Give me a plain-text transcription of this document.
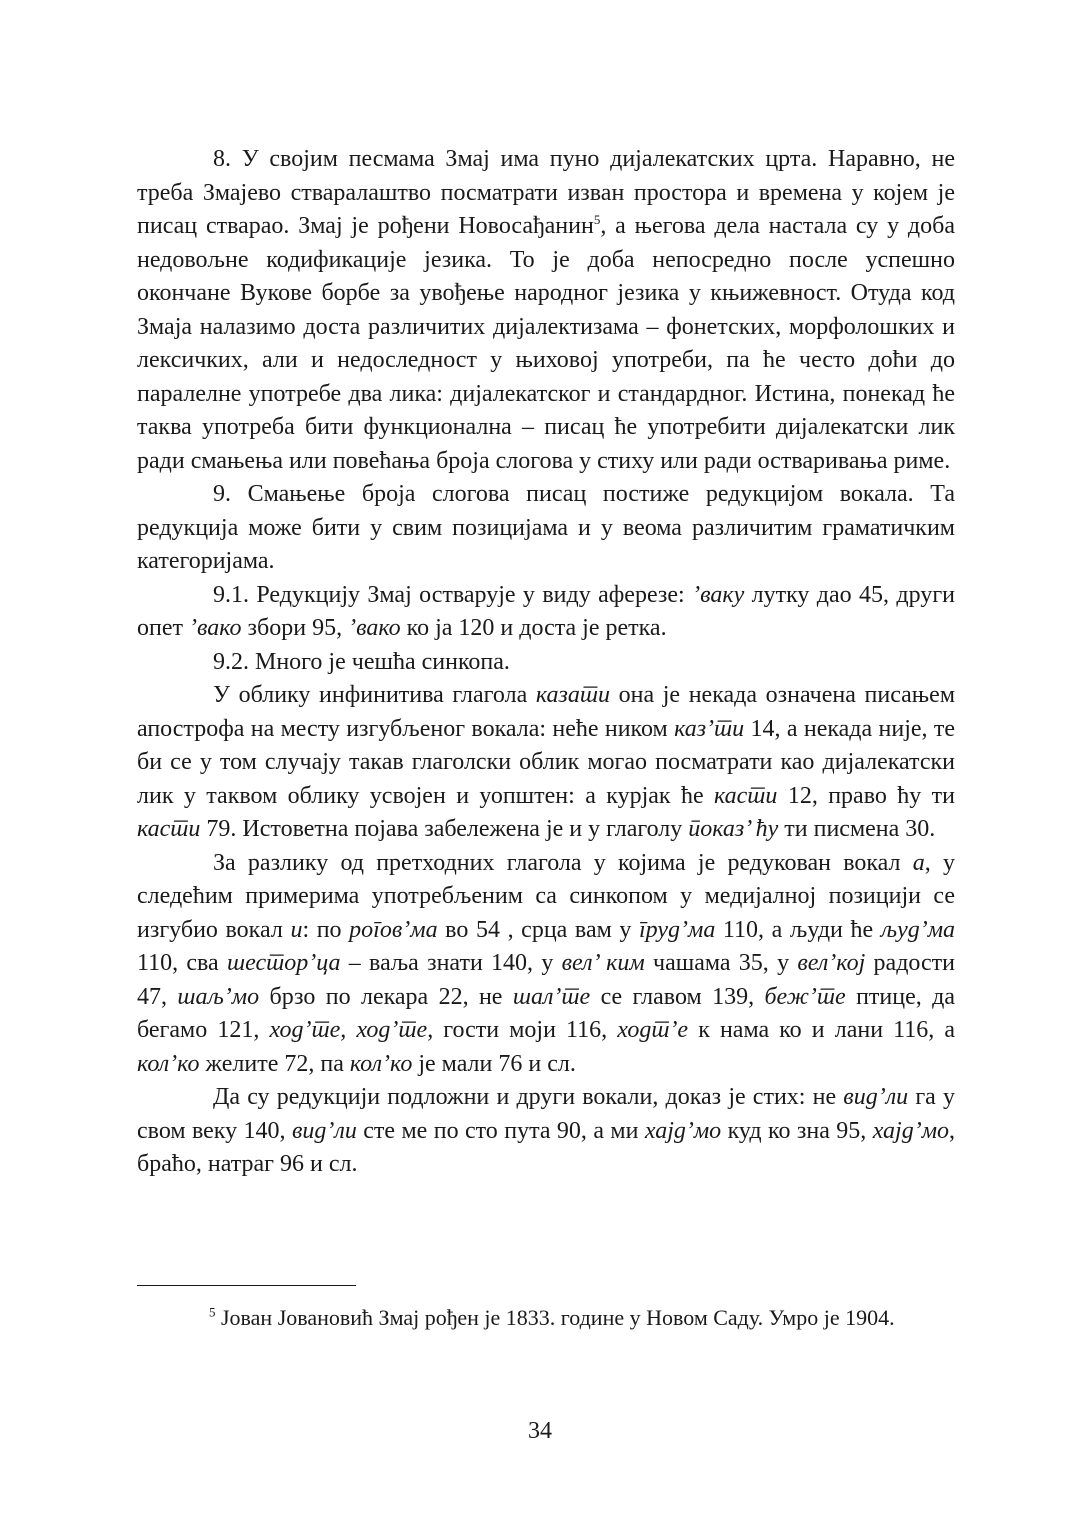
8. У својим песмама Змај има пуно дијалекатских црта. Наравно, не треба Змајево стваралаштво посматрати изван простора и времена у којем је писац стварао. Змај је рођени Новосађанин$^5$, а његова дела настала су у доба недовољне кодификације језика. То је доба непосредно после успешно окончане Вукове борбе за увођење народног језика у књижевност. Отуда код Змаја налазимо доста различитих дијалектизама – фонетских, морфолошких и лексичких, али и недоследност у њиховој употреби, па ће често доћи до паралелне употребе два лика: дијалекатског и стандардног. Истина, понекад ће таква употреба бити функционална – писац ће употребити дијалекатски лик ради смањења или повећања броја слогова у стиху или ради остваривања риме.

9. Смањење броја слогова писац постиже редукцијом вокала. Та редукција може бити у свим позицијама и у веома различитим граматичким категоријама.

9.1. Редукцију Змај остварује у виду аферезе: ’ваку лутку дао 45, други опет ’вако збори 95, ’вако ко ја 120 и доста је ретка.

9.2. Много је чешћа синкопа.

У облику инфинитива глагола казати она је некада означена писањем апострофа на месту изгубљеног вокала: неће ником каз’ти 14, а некада није, те би се у том случају такав глаголски облик могао посматрати као дијалекатски лик у таквом облику усвојен и уопштен: а курјак ће касти 12, право ћу ти касти 79. Истоветна појава забележена је и у глаголу показ’ ћу ти писмена 30.

За разлику од претходних глагола у којима је редукован вокал а, у следећим примерима употребљеним са синкопом у медијалној позицији се изгубио вокал и: по рогов’ма во 54 , срца вам у груд’ма 110, а људи ће људ’ма 110, сва шестор’ца – ваља знати 140, у вел’ ким чашама 35, у вел’кој радости 47, шаљ’мо брзо по лекара 22, не шал’те се главом 139, беж’те птице, да бегамо 121, ход’те, ход’те, гости моји 116, ходт’е к нама ко и лани 116, а кол’ко желите 72, па кол’ко је мали 76 и сл.

Да су редукцији подложни и други вокали, доказ је стих: не вид’ли га у свом веку 140, вид’ли сте ме по сто пута 90, а ми хајд’мо куд ко зна 95, хајд’мо, браћо, натраг 96 и сл.

$^5$ Јован Јовановић Змај рођен је 1833. године у Новом Саду. Умро је 1904.

34
